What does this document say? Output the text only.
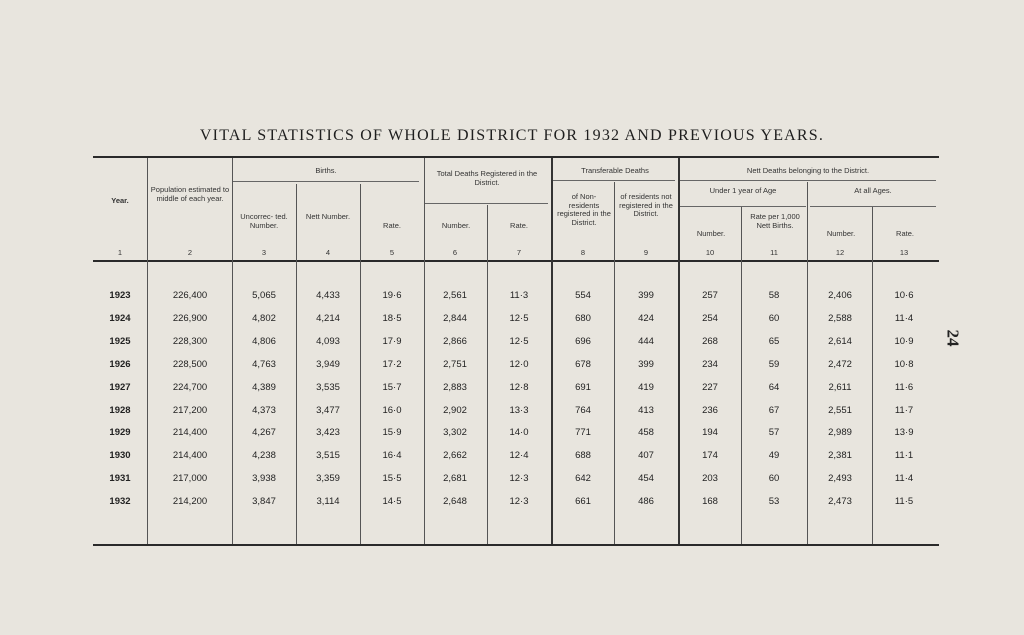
VITAL STATISTICS OF WHOLE DISTRICT FOR 1932 AND PREVIOUS YEARS.
24
Year.
Population estimated to middle of each year.
Births.
Uncorrec- ted. Number.
Nett Number.
Rate.
Total Deaths Registered in the District.
Number.	Rate.
Transferable Deaths
of Non- residents registered in the District.
of residents not registered in the District.
Nett Deaths belonging to the District.
Under 1 year of Age
Number.
Rate per 1,000 Nett Births.
At all Ages.
Number.	Rate.
1	2	3	4	5	6	7	8	9	10	11	12	13
1923	226,400	5,065	4,433	19·6	2,561	11·3	554	399	257	58	2,406	10·6
1924	226,900	4,802	4,214	18·5	2,844	12·5	680	424	254	60	2,588	11·4
1925	228,300	4,806	4,093	17·9	2,866	12·5	696	444	268	65	2,614	10·9
1926	228,500	4,763	3,949	17·2	2,751	12·0	678	399	234	59	2,472	10·8
1927	224,700	4,389	3,535	15·7	2,883	12·8	691	419	227	64	2,611	11·6
1928	217,200	4,373	3,477	16·0	2,902	13·3	764	413	236	67	2,551	11·7
1929	214,400	4,267	3,423	15·9	3,302	14·0	771	458	194	57	2,989	13·9
1930	214,400	4,238	3,515	16·4	2,662	12·4	688	407	174	49	2,381	11·1
1931	217,000	3,938	3,359	15·5	2,681	12·3	642	454	203	60	2,493	11·4
1932	214,200	3,847	3,114	14·5	2,648	12·3	661	486	168	53	2,473	11·5
